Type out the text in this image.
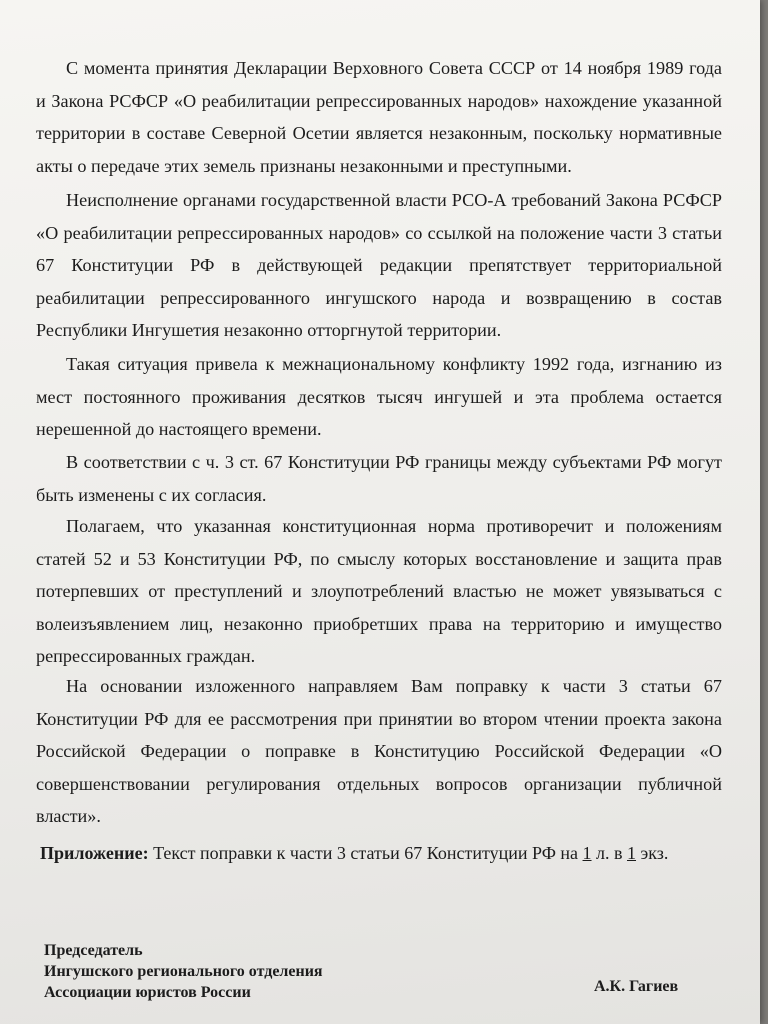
С момента принятия Декларации Верховного Совета СССР от 14 ноября 1989 года и Закона РСФСР «О реабилитации репрессированных народов» нахождение указанной территории в составе Северной Осетии является незаконным, поскольку нормативные акты о передаче этих земель признаны незаконными и преступными.
Неисполнение органами государственной власти РСО-А требований Закона РСФСР «О реабилитации репрессированных народов» со ссылкой на положение части 3 статьи 67 Конституции РФ в действующей редакции препятствует территориальной реабилитации репрессированного ингушского народа и возвращению в состав Республики Ингушетия незаконно отторгнутой территории.
Такая ситуация привела к межнациональному конфликту 1992 года, изгнанию из мест постоянного проживания десятков тысяч ингушей и эта проблема остается нерешенной до настоящего времени.
В соответствии с ч. 3 ст. 67 Конституции РФ границы между субъектами РФ могут быть изменены с их согласия.
Полагаем, что указанная конституционная норма противоречит и положениям статей 52 и 53 Конституции РФ, по смыслу которых восстановление и защита прав потерпевших от преступлений и злоупотреблений властью не может увязываться с волеизъявлением лиц, незаконно приобретших права на территорию и имущество репрессированных граждан.
На основании изложенного направляем Вам поправку к части 3 статьи 67 Конституции РФ для ее рассмотрения при принятии во втором чтении проекта закона Российской Федерации о поправке в Конституцию Российской Федерации «О совершенствовании регулирования отдельных вопросов организации публичной власти».
Приложение: Текст поправки к части 3 статьи 67 Конституции РФ на 1 л. в 1 экз.
Председатель
Ингушского регионального отделения
Ассоциации юристов России	А.К. Гагиев
